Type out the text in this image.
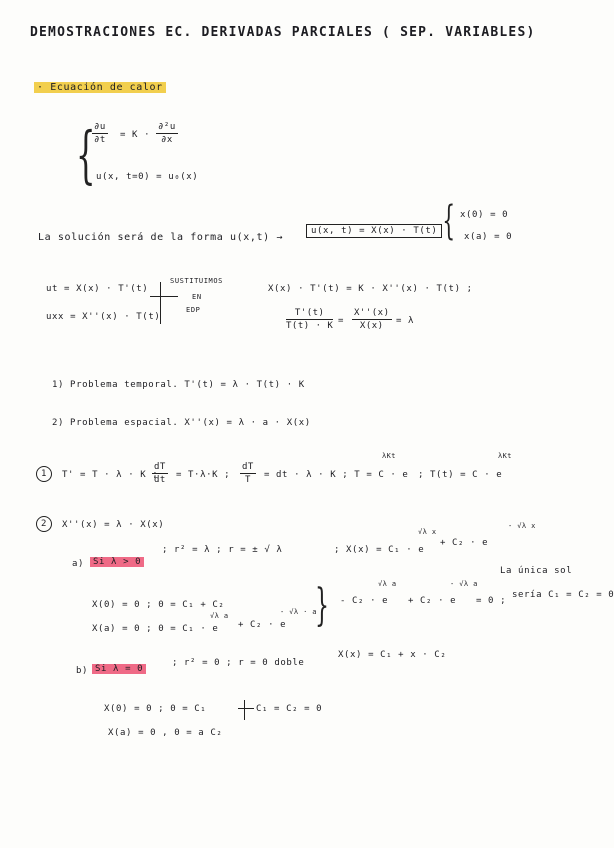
DEMOSTRACIONES EC. DERIVADAS PARCIALES ( SEP. VARIABLES)
· Ecuación de calor
{
$\frac{\partial u}{\partial t} = K \cdot \frac{\text{∂²u}}{\partial x}$
u(x, t=0) = u₀(x)
La solución será de la forma u(x,t) →
u(x, t) = X(x) · T(t) { x(0) = 0
x(a) = 0
ut = X(x) · T'(t)
uxx = X''(x) · T(t)
SUSTITUIMOS
EN
EDP
X(x) · T'(t) = K · X''(x) · T(t) ;
$\frac{T'(t)}{T(t) \cdot K} = \frac{X''(x)}{X(x)} = \lambda$
1) Problema temporal. T'(t) = λ · T(t) · K
2) Problema espacial. X''(x) = λ · a · X(x)
1	T' = T · λ · K ;
$\frac{dT}{dt} = T\cdot\lambda\cdot K$ ; $\frac{dT}{T}$ = dt · λ · K ; T = C · e
λKt
; T(t) = C · e
λKt
2	X''(x) = λ · X(x)
a) Si λ > 0
; r² = λ ; r = ± √ λ	; X(x) = C₁ · e
√λ x
+ C₂ · e
- √λ x
X(0) = 0 ; 0 = C₁ + C₂
X(a) = 0 ; 0 = C₁ · e
√λ a
+ C₂ · e
- √λ · a
} - C₂ · e
√λ a
+ C₂ · e
- √λ a
= 0 ;
La única sol
sería C₁ = C₂ = 0
b) Si λ = 0
; r² = 0 ; r = 0 doble
X(x) = C₁ + x · C₂
X(0) = 0 ; 0 = C₁
X(a) = 0 , 0 = a C₂
C₁ = C₂ = 0
